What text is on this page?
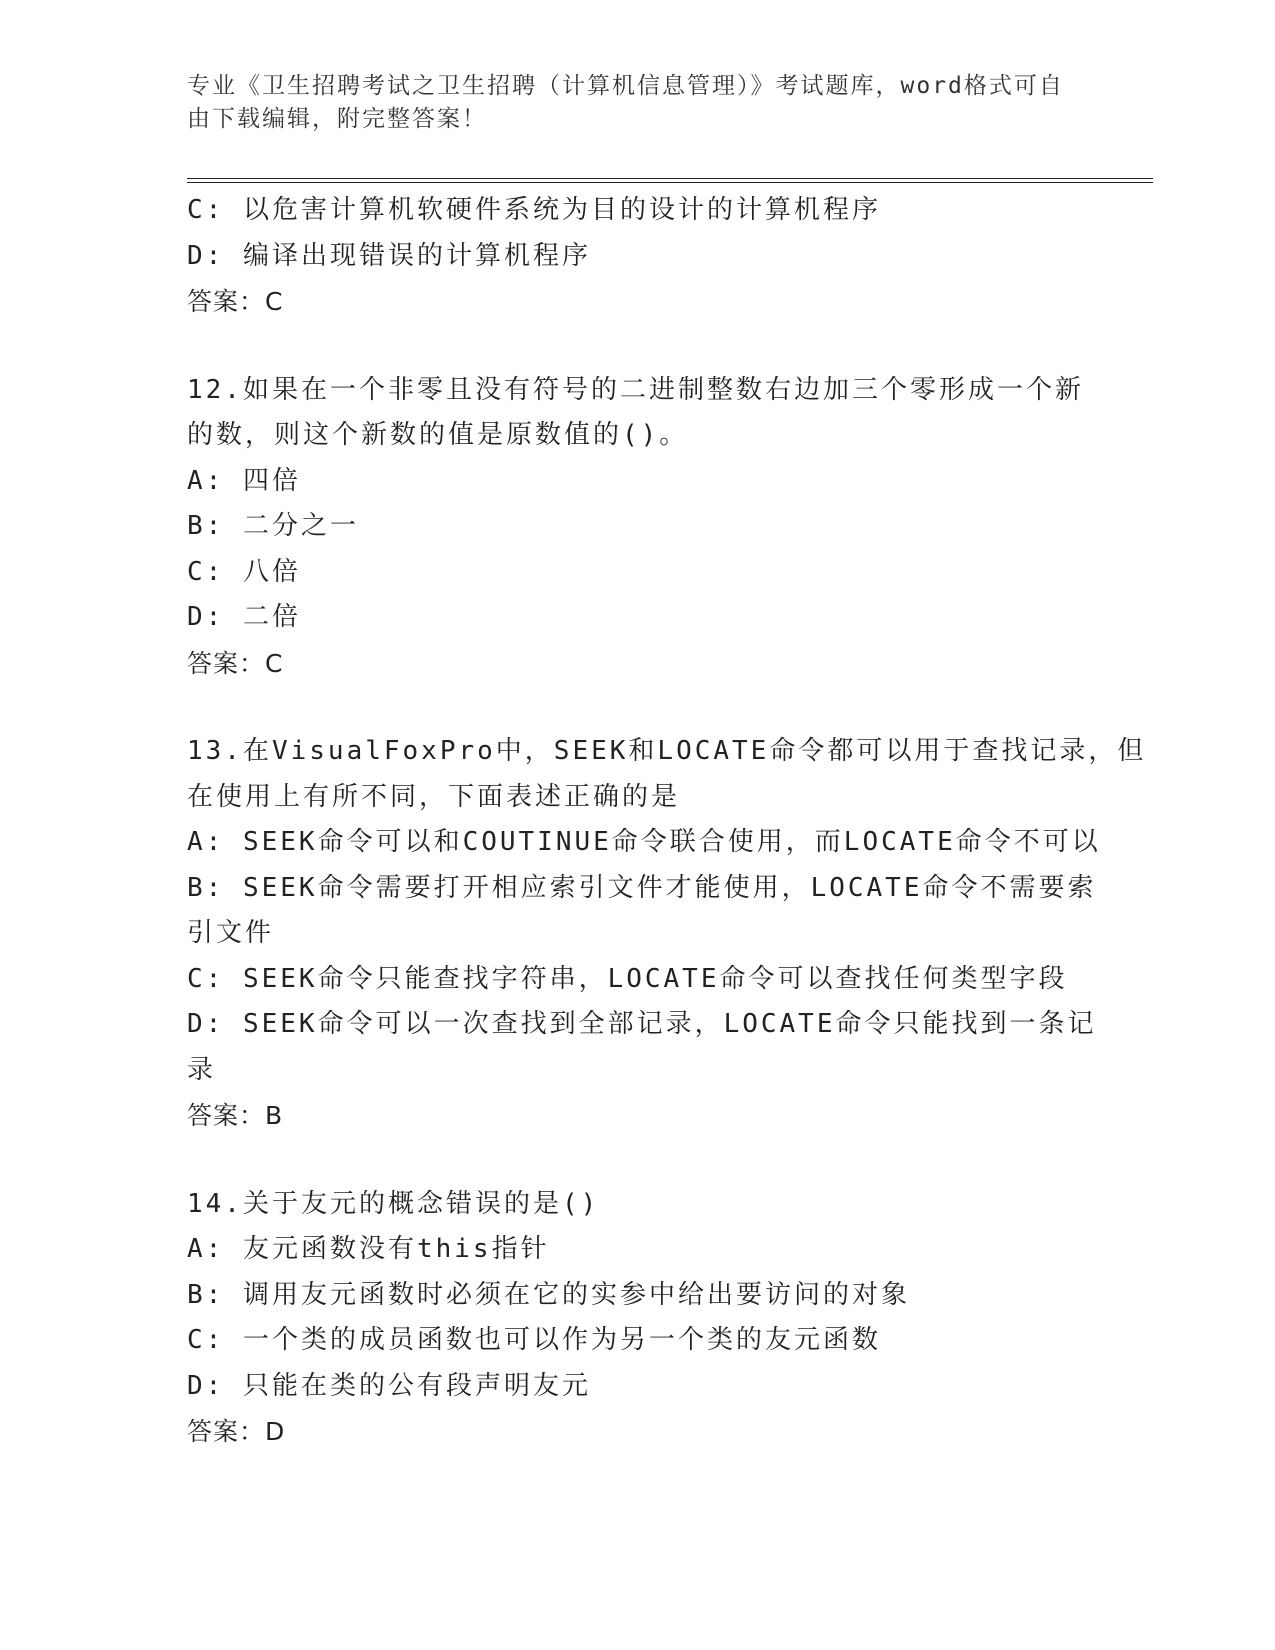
专业《卫生招聘考试之卫生招聘（计算机信息管理）》考试题库，word格式可自
由下载编辑，附完整答案！
C: 以危害计算机软硬件系统为目的设计的计算机程序
D: 编译出现错误的计算机程序
答案：C
12.如果在一个非零且没有符号的二进制整数右边加三个零形成一个新
的数，则这个新数的值是原数值的()。
A: 四倍
B: 二分之一
C: 八倍
D: 二倍
答案：C
13.在VisualFoxPro中，SEEK和LOCATE命令都可以用于查找记录，但
在使用上有所不同，下面表述正确的是
A: SEEK命令可以和COUTINUE命令联合使用，而LOCATE命令不可以
B: SEEK命令需要打开相应索引文件才能使用，LOCATE命令不需要索
引文件
C: SEEK命令只能查找字符串，LOCATE命令可以查找任何类型字段
D: SEEK命令可以一次查找到全部记录，LOCATE命令只能找到一条记
录
答案：B
14.关于友元的概念错误的是()
A: 友元函数没有this指针
B: 调用友元函数时必须在它的实参中给出要访问的对象
C: 一个类的成员函数也可以作为另一个类的友元函数
D: 只能在类的公有段声明友元
答案：D
